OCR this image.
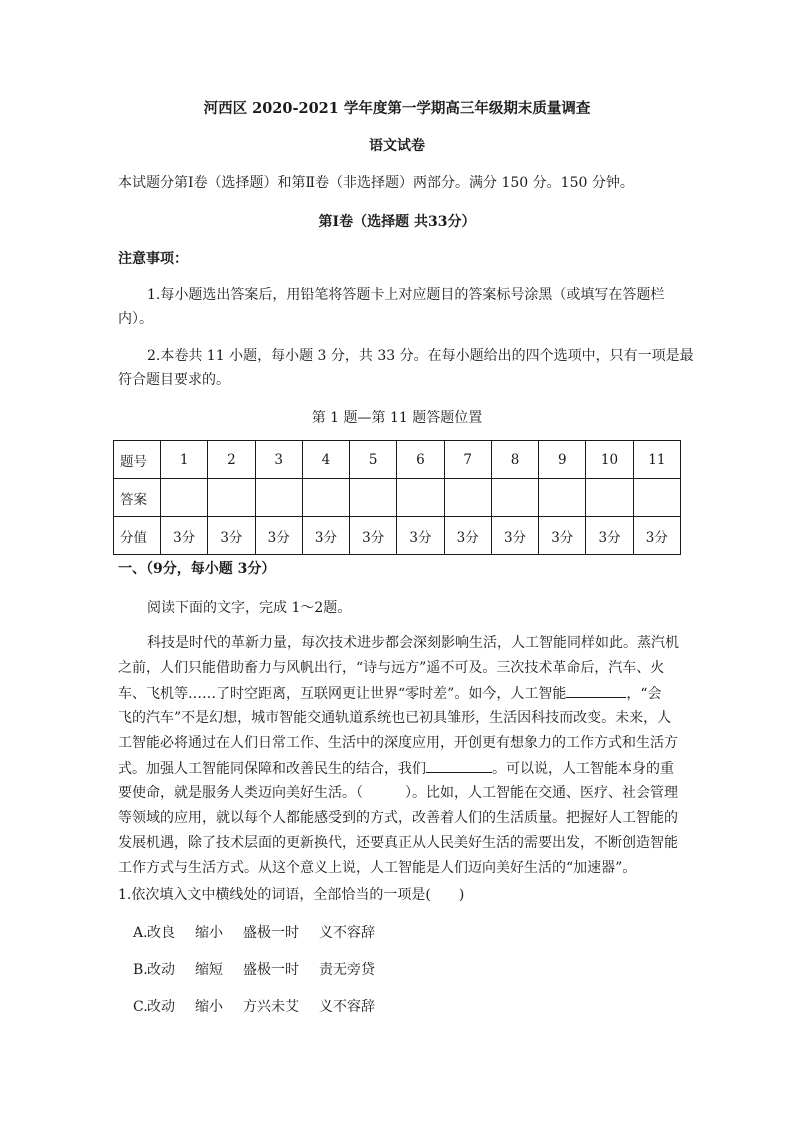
河西区 2020-2021 学年度第一学期高三年级期末质量调查
语文试卷
本试题分第Ⅰ卷（选择题）和第Ⅱ卷（非选择题）两部分。满分 150 分。150 分钟。
第Ⅰ卷（选择题 共33分）
注意事项：
1.每小题选出答案后，用铅笔将答题卡上对应题目的答案标号涂黑（或填写在答题栏
内）。
2.本卷共 11 小题，每小题 3 分，共 33 分。在每小题给出的四个选项中，只有一项是最
符合题目要求的。
第 1 题—第 11 题答题位置
题号	1	2	3	4	5	6	7	8	9	10	11
答案											
分值	3分	3分	3分	3分	3分	3分	3分	3分	3分	3分	3分
一、（9分，每小题 3分）
阅读下面的文字，完成 1～2题。
科技是时代的革新力量，每次技术进步都会深刻影响生活，人工智能同样如此。蒸汽机
之前，人们只能借助畜力与风帆出行，“诗与远方”遥不可及。三次技术革命后，汽车、火
车、飞机等……了时空距离，互联网更让世界“零时差”。如今，人工智能	，“会
飞的汽车”不是幻想，城市智能交通轨道系统也已初具雏形，生活因科技而改变。未来，人
工智能必将通过在人们日常工作、生活中的深度应用，开创更有想象力的工作方式和生活方
式。加强人工智能同保障和改善民生的结合，我们	。可以说，人工智能本身的重
要使命，就是服务人类迈向美好生活。（　　　）。比如，人工智能在交通、医疗、社会管理
等领域的应用，就以每个人都能感受到的方式，改善着人们的生活质量。把握好人工智能的
发展机遇，除了技术层面的更新换代，还要真正从人民美好生活的需要出发，不断创造智能
工作方式与生活方式。从这个意义上说，人工智能是人们迈向美好生活的“加速器”。
1.依次填入文中横线处的词语，全部恰当的一项是(　　)
A.改良 缩小 盛极一时 义不容辞
B.改动 缩短 盛极一时 责无旁贷
C.改动 缩小 方兴未艾 义不容辞
